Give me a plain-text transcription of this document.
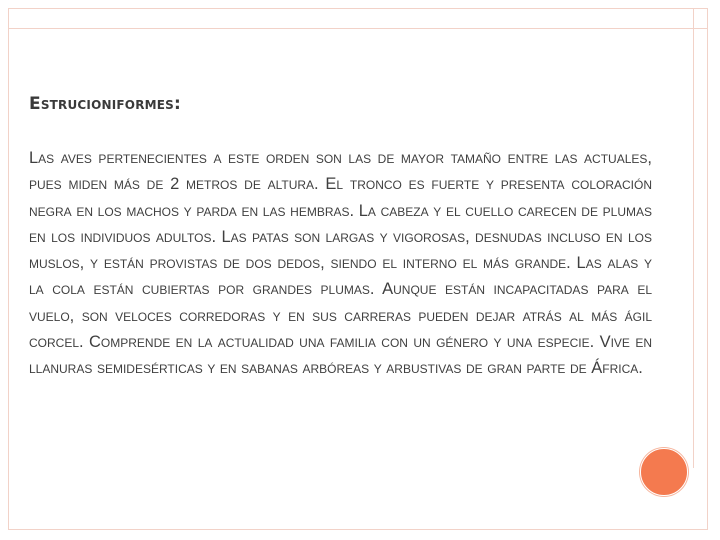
Estrucioniformes:

Las aves pertenecientes a este orden son las de mayor tamaño entre las actuales, pues miden más de 2 metros de altura. El tronco es fuerte y presenta coloración negra en los machos y parda en las hembras. La cabeza y el cuello carecen de plumas en los individuos adultos. Las patas son largas y vigorosas, desnudas incluso en los muslos, y están provistas de dos dedos, siendo el interno el más grande. Las alas y la cola están cubiertas por grandes plumas. Aunque están incapacitadas para el vuelo, son veloces corredoras y en sus carreras pueden dejar atrás al más ágil corcel. Comprende en la actualidad una familia con un género y una especie. Vive en llanuras semidesérticas y en sabanas arbóreas y arbustivas de gran parte de África.
